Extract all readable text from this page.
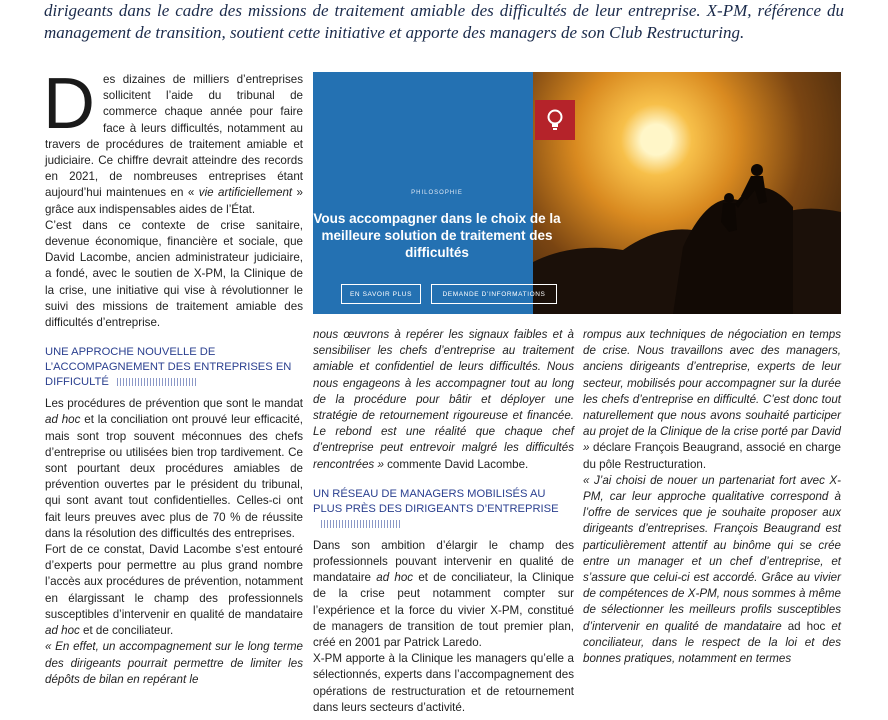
dirigeants dans le cadre des missions de traitement amiable des difficultés de leur entreprise. X-PM, référence du management de transition, soutient cette initiative et apporte des managers de son Club Restructuring.

Des dizaines de milliers d’entreprises sollicitent l’aide du tribunal de commerce chaque année pour faire face à leurs difficultés, notamment au travers de procédures de traitement amiable et judiciaire. Ce chiffre devrait atteindre des records en 2021, de nombreuses entreprises étant aujourd’hui maintenues en « vie artificiellement » grâce aux indispensables aides de l’État.

C’est dans ce contexte de crise sanitaire, devenue économique, financière et sociale, que David Lacombe, ancien administrateur judiciaire, a fondé, avec le soutien de X-PM, la Clinique de la crise, une initiative qui vise à révolutionner le suivi des missions de traitement amiable des difficultés d’entreprise.

UNE APPROCHE NOUVELLE DE L’ACCOMPAGNEMENT DES ENTREPRISES EN DIFFICULTÉ

Les procédures de prévention que sont le mandat ad hoc et la conciliation ont prouvé leur efficacité, mais sont trop souvent méconnues des chefs d’entreprise ou utilisées bien trop tardivement. Ce sont pourtant deux procédures amiables de prévention ouvertes par le président du tribunal, qui sont avant tout confidentielles. Celles-ci ont fait leurs preuves avec plus de 70 % de réussite dans la résolution des difficultés des entreprises.

Fort de ce constat, David Lacombe s’est entouré d’experts pour permettre au plus grand nombre l’accès aux procédures de prévention, notamment en élargissant le champ des professionnels susceptibles d’intervenir en qualité de mandataire ad hoc et de conciliateur.

« En effet, un accompagnement sur le long terme des dirigeants pourrait permettre de limiter les dépôts de bilan en repérant le

PHILOSOPHIE
Vous accompagner dans le choix de la meilleure solution de traitement des difficultés
EN SAVOIR PLUS	DEMANDE D’INFORMATIONS

nous œuvrons à repérer les signaux faibles et à sensibiliser les chefs d’entreprise au traitement amiable et confidentiel de leurs difficultés. Nous nous engageons à les accompagner tout au long de la procédure pour bâtir et déployer une stratégie de retournement rigoureuse et financée. Le rebond est une réalité que chaque chef d’entreprise peut entrevoir malgré les difficultés rencontrées » commente David Lacombe.

UN RÉSEAU DE MANAGERS MOBILISÉS AU PLUS PRÈS DES DIRIGEANTS D’ENTREPRISE

Dans son ambition d’élargir le champ des professionnels pouvant intervenir en qualité de mandataire ad hoc et de conciliateur, la Clinique de la crise peut notamment compter sur l’expérience et la force du vivier X-PM, constitué de managers de transition de tout premier plan, créé en 2001 par Patrick Laredo.

X-PM apporte à la Clinique les managers qu’elle a sélectionnés, experts dans l’accompagnement des opérations de restructuration et de retournement dans leurs secteurs d’activité.

rompus aux techniques de négociation en temps de crise. Nous travaillons avec des managers, anciens dirigeants d’entreprise, experts de leur secteur, mobilisés pour accompagner sur la durée les chefs d’entreprise en difficulté. C’est donc tout naturellement que nous avons souhaité participer au projet de la Clinique de la crise porté par David » déclare François Beaugrand, associé en charge du pôle Restructuration.

« J’ai choisi de nouer un partenariat fort avec X-PM, car leur approche qualitative correspond à l’offre de services que je souhaite proposer aux dirigeants d’entreprises. François Beaugrand est particulièrement attentif au binôme qui se crée entre un manager et un chef d’entreprise, et s’assure que celui-ci est accordé. Grâce au vivier de compétences de X-PM, nous sommes à même de sélectionner les meilleurs profils susceptibles d’intervenir en qualité de mandataire ad hoc et conciliateur, dans le respect de la loi et des bonnes pratiques, notamment en termes
